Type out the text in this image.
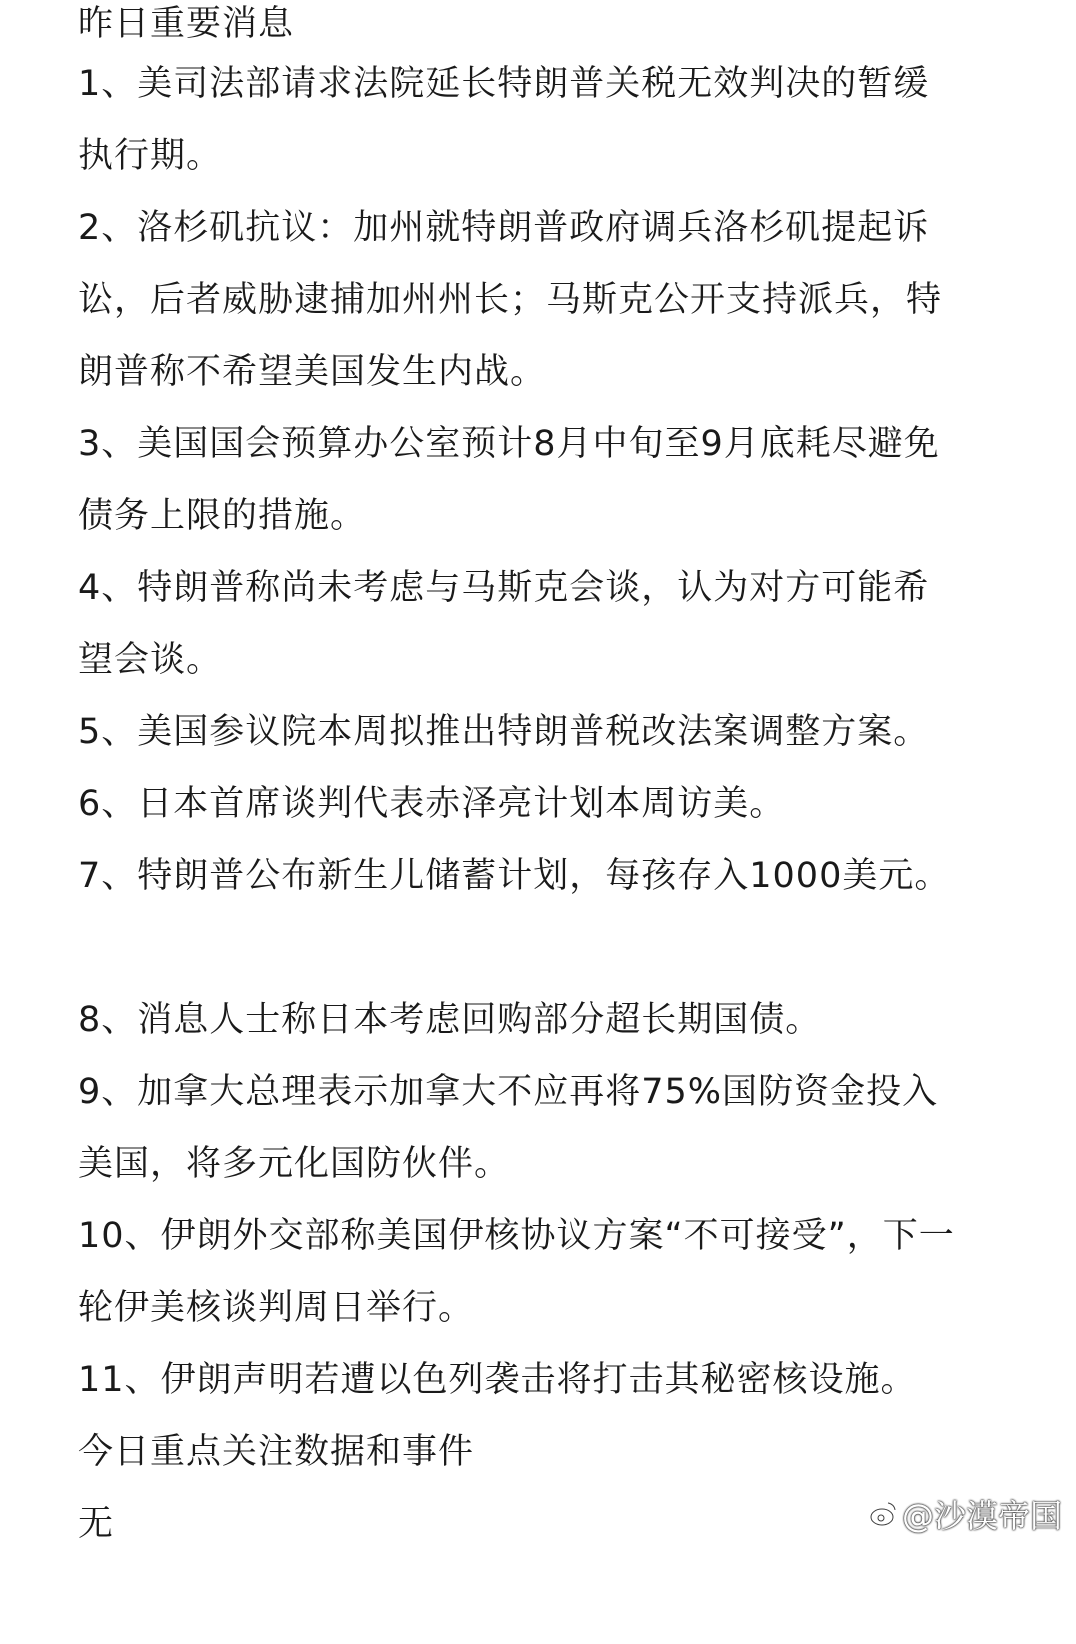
昨日重要消息
1、美司法部请求法院延长特朗普关税无效判决的暂缓
执行期。
2、洛杉矶抗议：加州就特朗普政府调兵洛杉矶提起诉
讼，后者威胁逮捕加州州长；马斯克公开支持派兵，特
朗普称不希望美国发生内战。
3、美国国会预算办公室预计8月中旬至9月底耗尽避免
债务上限的措施。
4、特朗普称尚未考虑与马斯克会谈，认为对方可能希
望会谈。
5、美国参议院本周拟推出特朗普税改法案调整方案。
6、日本首席谈判代表赤泽亮计划本周访美。
7、特朗普公布新生儿储蓄计划，每孩存入1000美元。
8、消息人士称日本考虑回购部分超长期国债。
9、加拿大总理表示加拿大不应再将75%国防资金投入
美国，将多元化国防伙伴。
10、伊朗外交部称美国伊核协议方案“不可接受”，下一
轮伊美核谈判周日举行。
11、伊朗声明若遭以色列袭击将打击其秘密核设施。
今日重点关注数据和事件
无	@沙漠帝国
